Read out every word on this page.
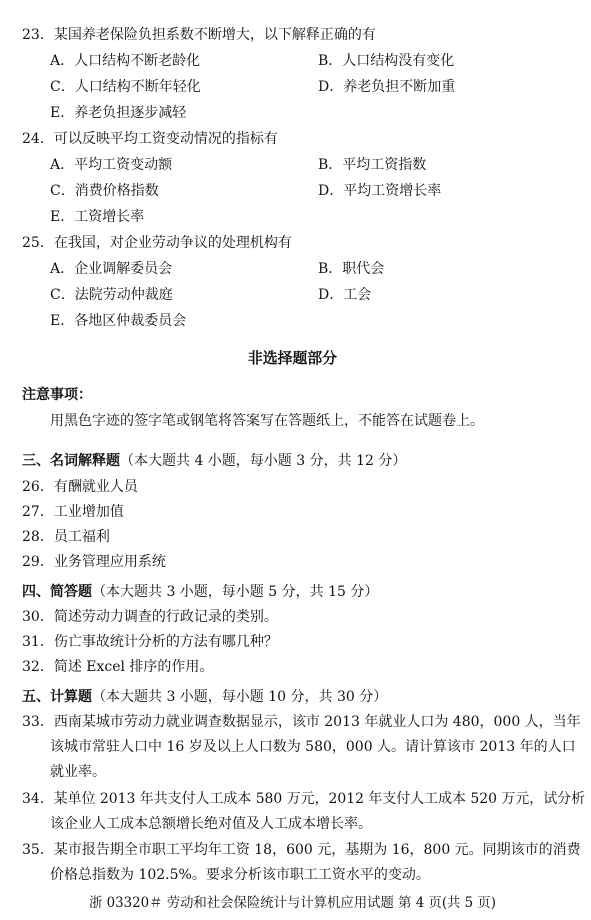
23．某国养老保险负担系数不断增大，以下解释正确的有
A．人口结构不断老龄化	B．人口结构没有变化
C．人口结构不断年轻化	D．养老负担不断加重
E．养老负担逐步减轻
24．可以反映平均工资变动情况的指标有
A．平均工资变动额	B．平均工资指数
C．消费价格指数	D．平均工资增长率
E．工资增长率
25．在我国，对企业劳动争议的处理机构有
A．企业调解委员会	B．职代会
C．法院劳动仲裁庭	D．工会
E．各地区仲裁委员会
非选择题部分
注意事项：
用黑色字迹的签字笔或钢笔将答案写在答题纸上，不能答在试题卷上。
三、名词解释题（本大题共 4 小题，每小题 3 分，共 12 分）
26．有酬就业人员
27．工业增加值
28．员工福利
29．业务管理应用系统
四、简答题（本大题共 3 小题，每小题 5 分，共 15 分）
30．简述劳动力调查的行政记录的类别。
31．伤亡事故统计分析的方法有哪几种？
32．简述 Excel 排序的作用。
五、计算题（本大题共 3 小题，每小题 10 分，共 30 分）
33．西南某城市劳动力就业调查数据显示，该市 2013 年就业人口为 480，000 人，当年
该城市常驻人口中 16 岁及以上人口数为 580，000 人。请计算该市 2013 年的人口
就业率。
34．某单位 2013 年共支付人工成本 580 万元，2012 年支付人工成本 520 万元，试分析
该企业人工成本总额增长绝对值及人工成本增长率。
35．某市报告期全市职工平均年工资 18，600 元，基期为 16，800 元。同期该市的消费
价格总指数为 102.5%。要求分析该市职工工资水平的变动。
浙 03320＃ 劳动和社会保险统计与计算机应用试题 第 4 页(共 5 页)
